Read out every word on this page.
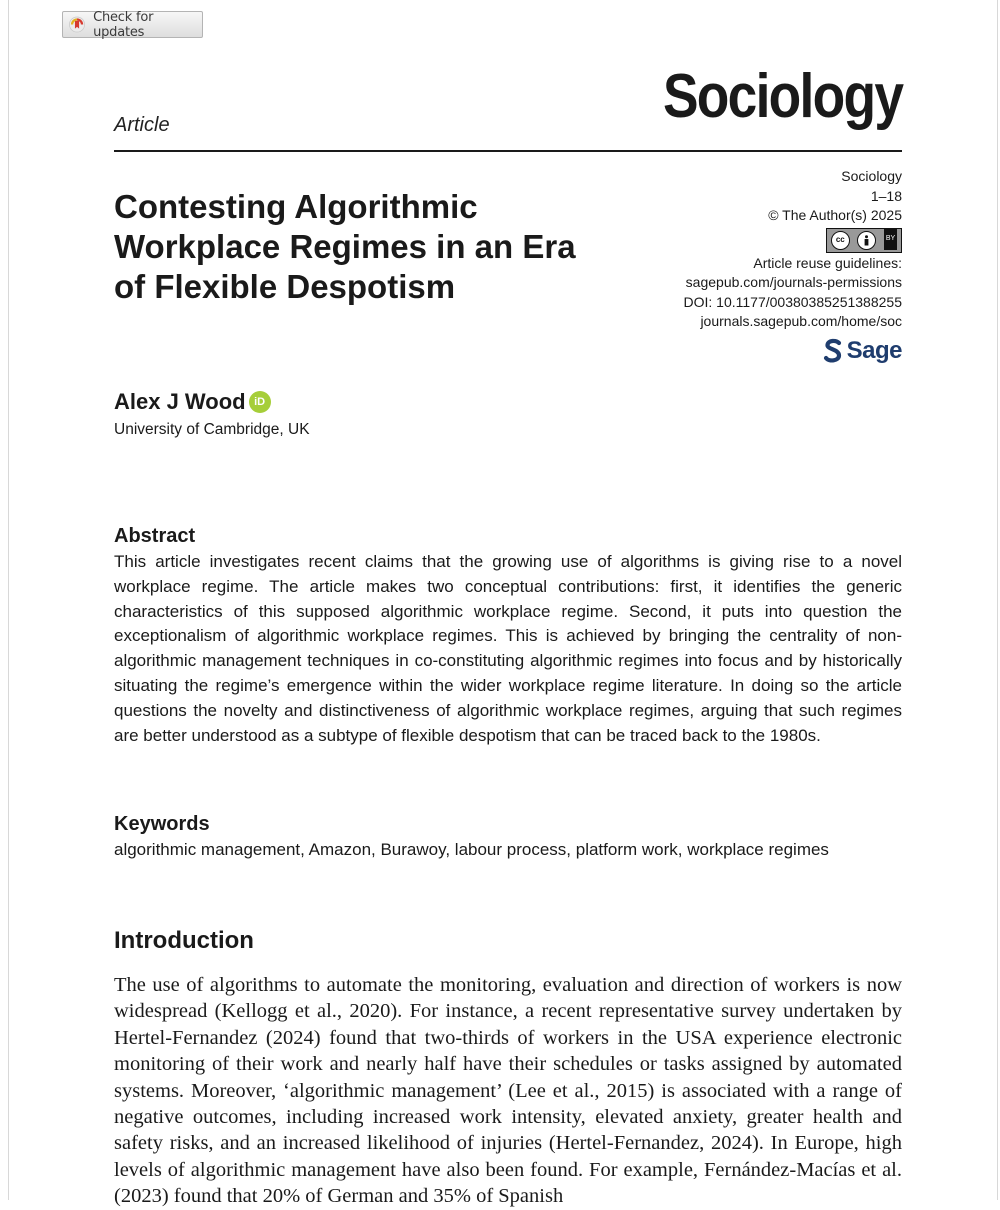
Check for updates
Article	Sociology
Contesting Algorithmic Workplace Regimes in an Era of Flexible Despotism
Sociology
1–18
© The Author(s) 2025
cc	BY
Article reuse guidelines:
sagepub.com/journals-permissions
DOI: 10.1177/00380385251388255
journals.sagepub.com/home/soc
Sage
Alex J Wood iD
University of Cambridge, UK
Abstract

This article investigates recent claims that the growing use of algorithms is giving rise to a novel workplace regime. The article makes two conceptual contributions: first, it identifies the generic characteristics of this supposed algorithmic workplace regime. Second, it puts into question the exceptionalism of algorithmic workplace regimes. This is achieved by bringing the centrality of non-algorithmic management techniques in co-constituting algorithmic regimes into focus and by historically situating the regime’s emergence within the wider workplace regime literature. In doing so the article questions the novelty and distinctiveness of algorithmic workplace regimes, arguing that such regimes are better understood as a subtype of flexible despotism that can be traced back to the 1980s.

Keywords

algorithmic management, Amazon, Burawoy, labour process, platform work, workplace regimes

Introduction

The use of algorithms to automate the monitoring, evaluation and direction of workers is now widespread (Kellogg et al., 2020). For instance, a recent representative survey undertaken by Hertel-Fernandez (2024) found that two-thirds of workers in the USA experience electronic monitoring of their work and nearly half have their schedules or tasks assigned by automated systems. Moreover, ‘algorithmic management’ (Lee et al., 2015) is associated with a range of negative outcomes, including increased work intensity, elevated anxiety, greater health and safety risks, and an increased likelihood of injuries (Hertel-Fernandez, 2024). In Europe, high levels of algorithmic management have also been found. For example, Fernández-Macías et al. (2023) found that 20% of German and 35% of Spanish
